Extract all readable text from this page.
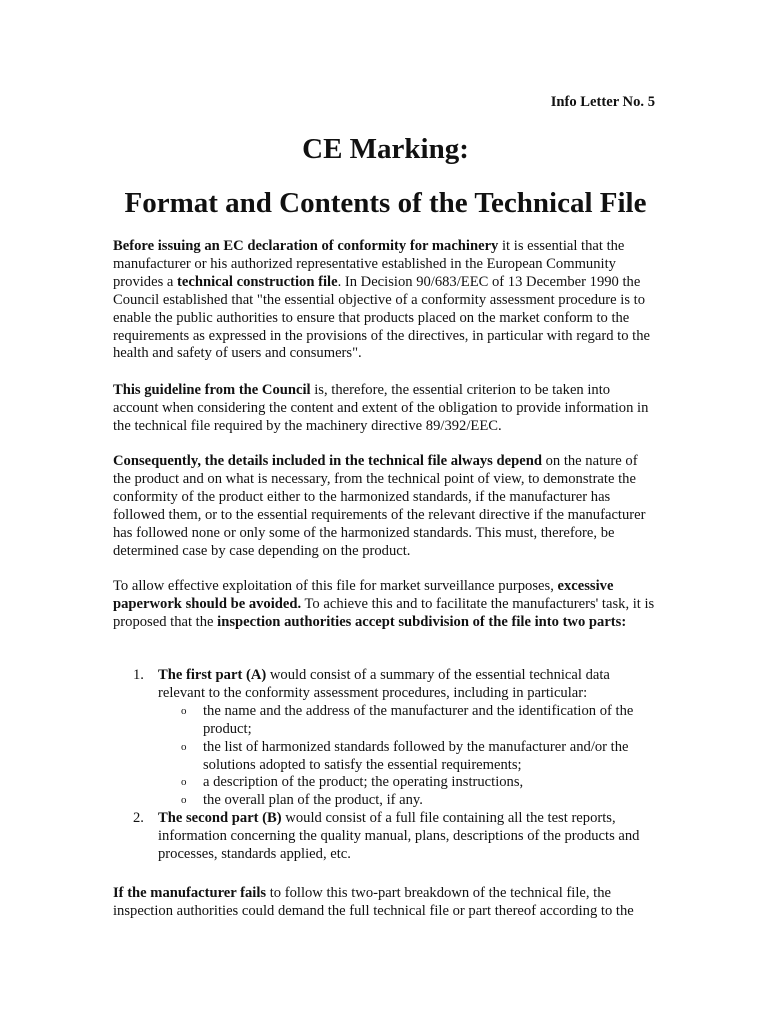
Info Letter No. 5
CE Marking:
Format and Contents of the Technical File

Before issuing an EC declaration of conformity for machinery it is essential that the manufacturer or his authorized representative established in the European Community provides a technical construction file. In Decision 90/683/EEC of 13 December 1990 the Council established that "the essential objective of a conformity assessment procedure is to enable the public authorities to ensure that products placed on the market conform to the requirements as expressed in the provisions of the directives, in particular with regard to the health and safety of users and consumers".

This guideline from the Council is, therefore, the essential criterion to be taken into account when considering the content and extent of the obligation to provide information in the technical file required by the machinery directive 89/392/EEC.

Consequently, the details included in the technical file always depend on the nature of the product and on what is necessary, from the technical point of view, to demonstrate the conformity of the product either to the harmonized standards, if the manufacturer has followed them, or to the essential requirements of the relevant directive if the manufacturer has followed none or only some of the harmonized standards. This must, therefore, be determined case by case depending on the product.

To allow effective exploitation of this file for market surveillance purposes, excessive paperwork should be avoided. To achieve this and to facilitate the manufacturers' task, it is proposed that the inspection authorities accept subdivision of the file into two parts:

1. The first part (A) would consist of a summary of the essential technical data relevant to the conformity assessment procedures, including in particular:
o the name and the address of the manufacturer and the identification of the product;
o the list of harmonized standards followed by the manufacturer and/or the solutions adopted to satisfy the essential requirements;
o a description of the product; the operating instructions,
o the overall plan of the product, if any.
2. The second part (B) would consist of a full file containing all the test reports, information concerning the quality manual, plans, descriptions of the products and processes, standards applied, etc.

If the manufacturer fails to follow this two-part breakdown of the technical file, the inspection authorities could demand the full technical file or part thereof according to the
